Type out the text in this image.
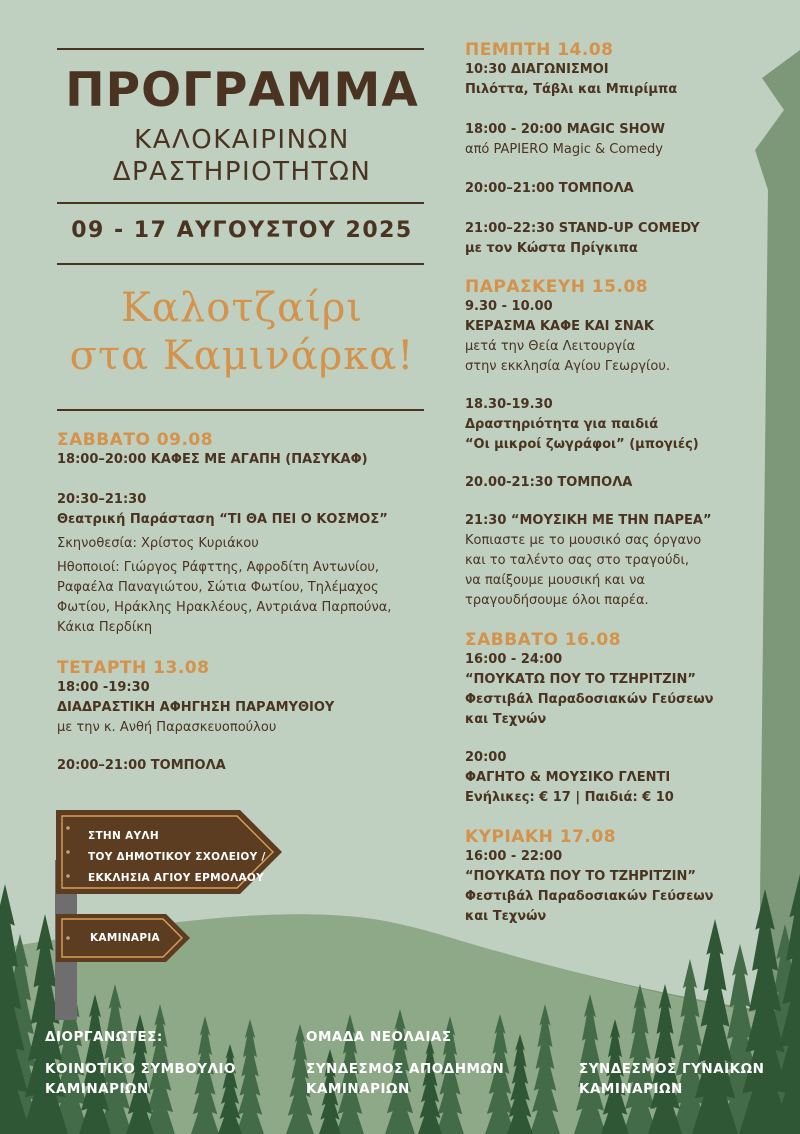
ΠΡΟΓΡΑΜΜΑ
ΚΑΛΟΚΑΙΡΙΝΩΝ
ΔΡΑΣΤΗΡΙΟΤΗΤΩΝ
09 - 17 ΑΥΓΟΥΣΤΟΥ 2025
Καλοτζαίρι
στα Καμινάρκα!
ΣΑΒΒΑΤΟ 09.08
18:00–20:00 ΚΑΦΕΣ ΜΕ ΑΓΑΠΗ (ΠΑΣΥΚΑΦ)
20:30–21:30
Θεατρική Παράσταση “ΤΙ ΘΑ ΠΕΙ Ο ΚΟΣΜΟΣ”
Σκηνοθεσία: Χρίστος Κυριάκου
Ηθοποιοί: Γιώργος Ράφττης, Αφροδίτη Αντωνίου,
Ραφαέλα Παναγιώτου, Σώτια Φωτίου, Τηλέμαχος
Φωτίου, Ηράκλης Ηρακλέους, Αντριάνα Παρπούνα,
Κάκια Περδίκη
ΤΕΤΑΡΤΗ 13.08
18:00 -19:30
ΔΙΑΔΡΑΣΤΙΚΗ ΑΦΗΓΗΣΗ ΠΑΡΑΜΥΘΙΟΥ
με την κ. Ανθή Παρασκευοπούλου
20:00–21:00 ΤΟΜΠΟΛΑ
ΠΕΜΠΤΗ 14.08
10:30 ΔΙΑΓΩΝΙΣΜΟΙ
Πιλόττα, Τάβλι και Μπιρίμπα
18:00 - 20:00 MAGIC SHOW
από PAPIERO Magic & Comedy
20:00–21:00 ΤΟΜΠΟΛΑ
21:00–22:30 STAND-UP COMEDY
με τον Κώστα Πρίγκιπα
ΠΑΡΑΣΚΕΥΗ 15.08
9.30 - 10.00
ΚΕΡΑΣΜΑ ΚΑΦΕ ΚΑΙ ΣΝΑΚ
μετά την Θεία Λειτουργία
στην εκκλησία Αγίου Γεωργίου.
18.30-19.30
Δραστηριότητα για παιδιά
“Οι μικροί ζωγράφοι” (μπογιές)
20.00-21:30 ΤΟΜΠΟΛΑ
21:30 “ΜΟΥΣΙΚΗ ΜΕ ΤΗΝ ΠΑΡΕΑ”
Κοπιαστε με το μουσικό σας όργανο
και το ταλέντο σας στο τραγούδι,
να παίξουμε μουσική και να
τραγουδήσουμε όλοι παρέα.
ΣΑΒΒΑΤΟ 16.08
16:00 - 24:00
“ΠΟΥΚΑΤΩ ΠΟΥ ΤΟ ΤΖΗΡΙΤΖΙΝ”
Φεστιβάλ Παραδοσιακών Γεύσεων
και Τεχνών
20:00
ΦΑΓΗΤΟ & ΜΟΥΣΙΚΟ ΓΛΕΝΤΙ
Ενήλικες: € 17 | Παιδιά: € 10
ΚΥΡΙΑΚΗ 17.08
16:00 - 22:00
“ΠΟΥΚΑΤΩ ΠΟΥ ΤΟ ΤΖΗΡΙΤΖΙΝ”
Φεστιβάλ Παραδοσιακών Γεύσεων
και Τεχνών
ΣΤΗΝ ΑΥΛΗ
ΤΟΥ ΔΗΜΟΤΙΚΟΥ ΣΧΟΛΕΙΟΥ /
ΕΚΚΛΗΣΙΑ ΑΓΙΟΥ ΕΡΜΟΛΑΟΥ
ΚΑΜΙΝΑΡΙΑ
ΔΙΟΡΓΑΝΩΤΕΣ:
ΚΟΙΝΟΤΙΚΟ ΣΥΜΒΟΥΛΙΟ
ΚΑΜΙΝΑΡΙΩΝ
ΟΜΑΔΑ ΝΕΟΛΑΙΑΣ
ΣΥΝΔΕΣΜΟΣ ΑΠΟΔΗΜΩΝ
ΚΑΜΙΝΑΡΙΩΝ
ΣΥΝΔΕΣΜΟΣ ΓΥΝΑΙΚΩΝ
ΚΑΜΙΝΑΡΙΩΝ
